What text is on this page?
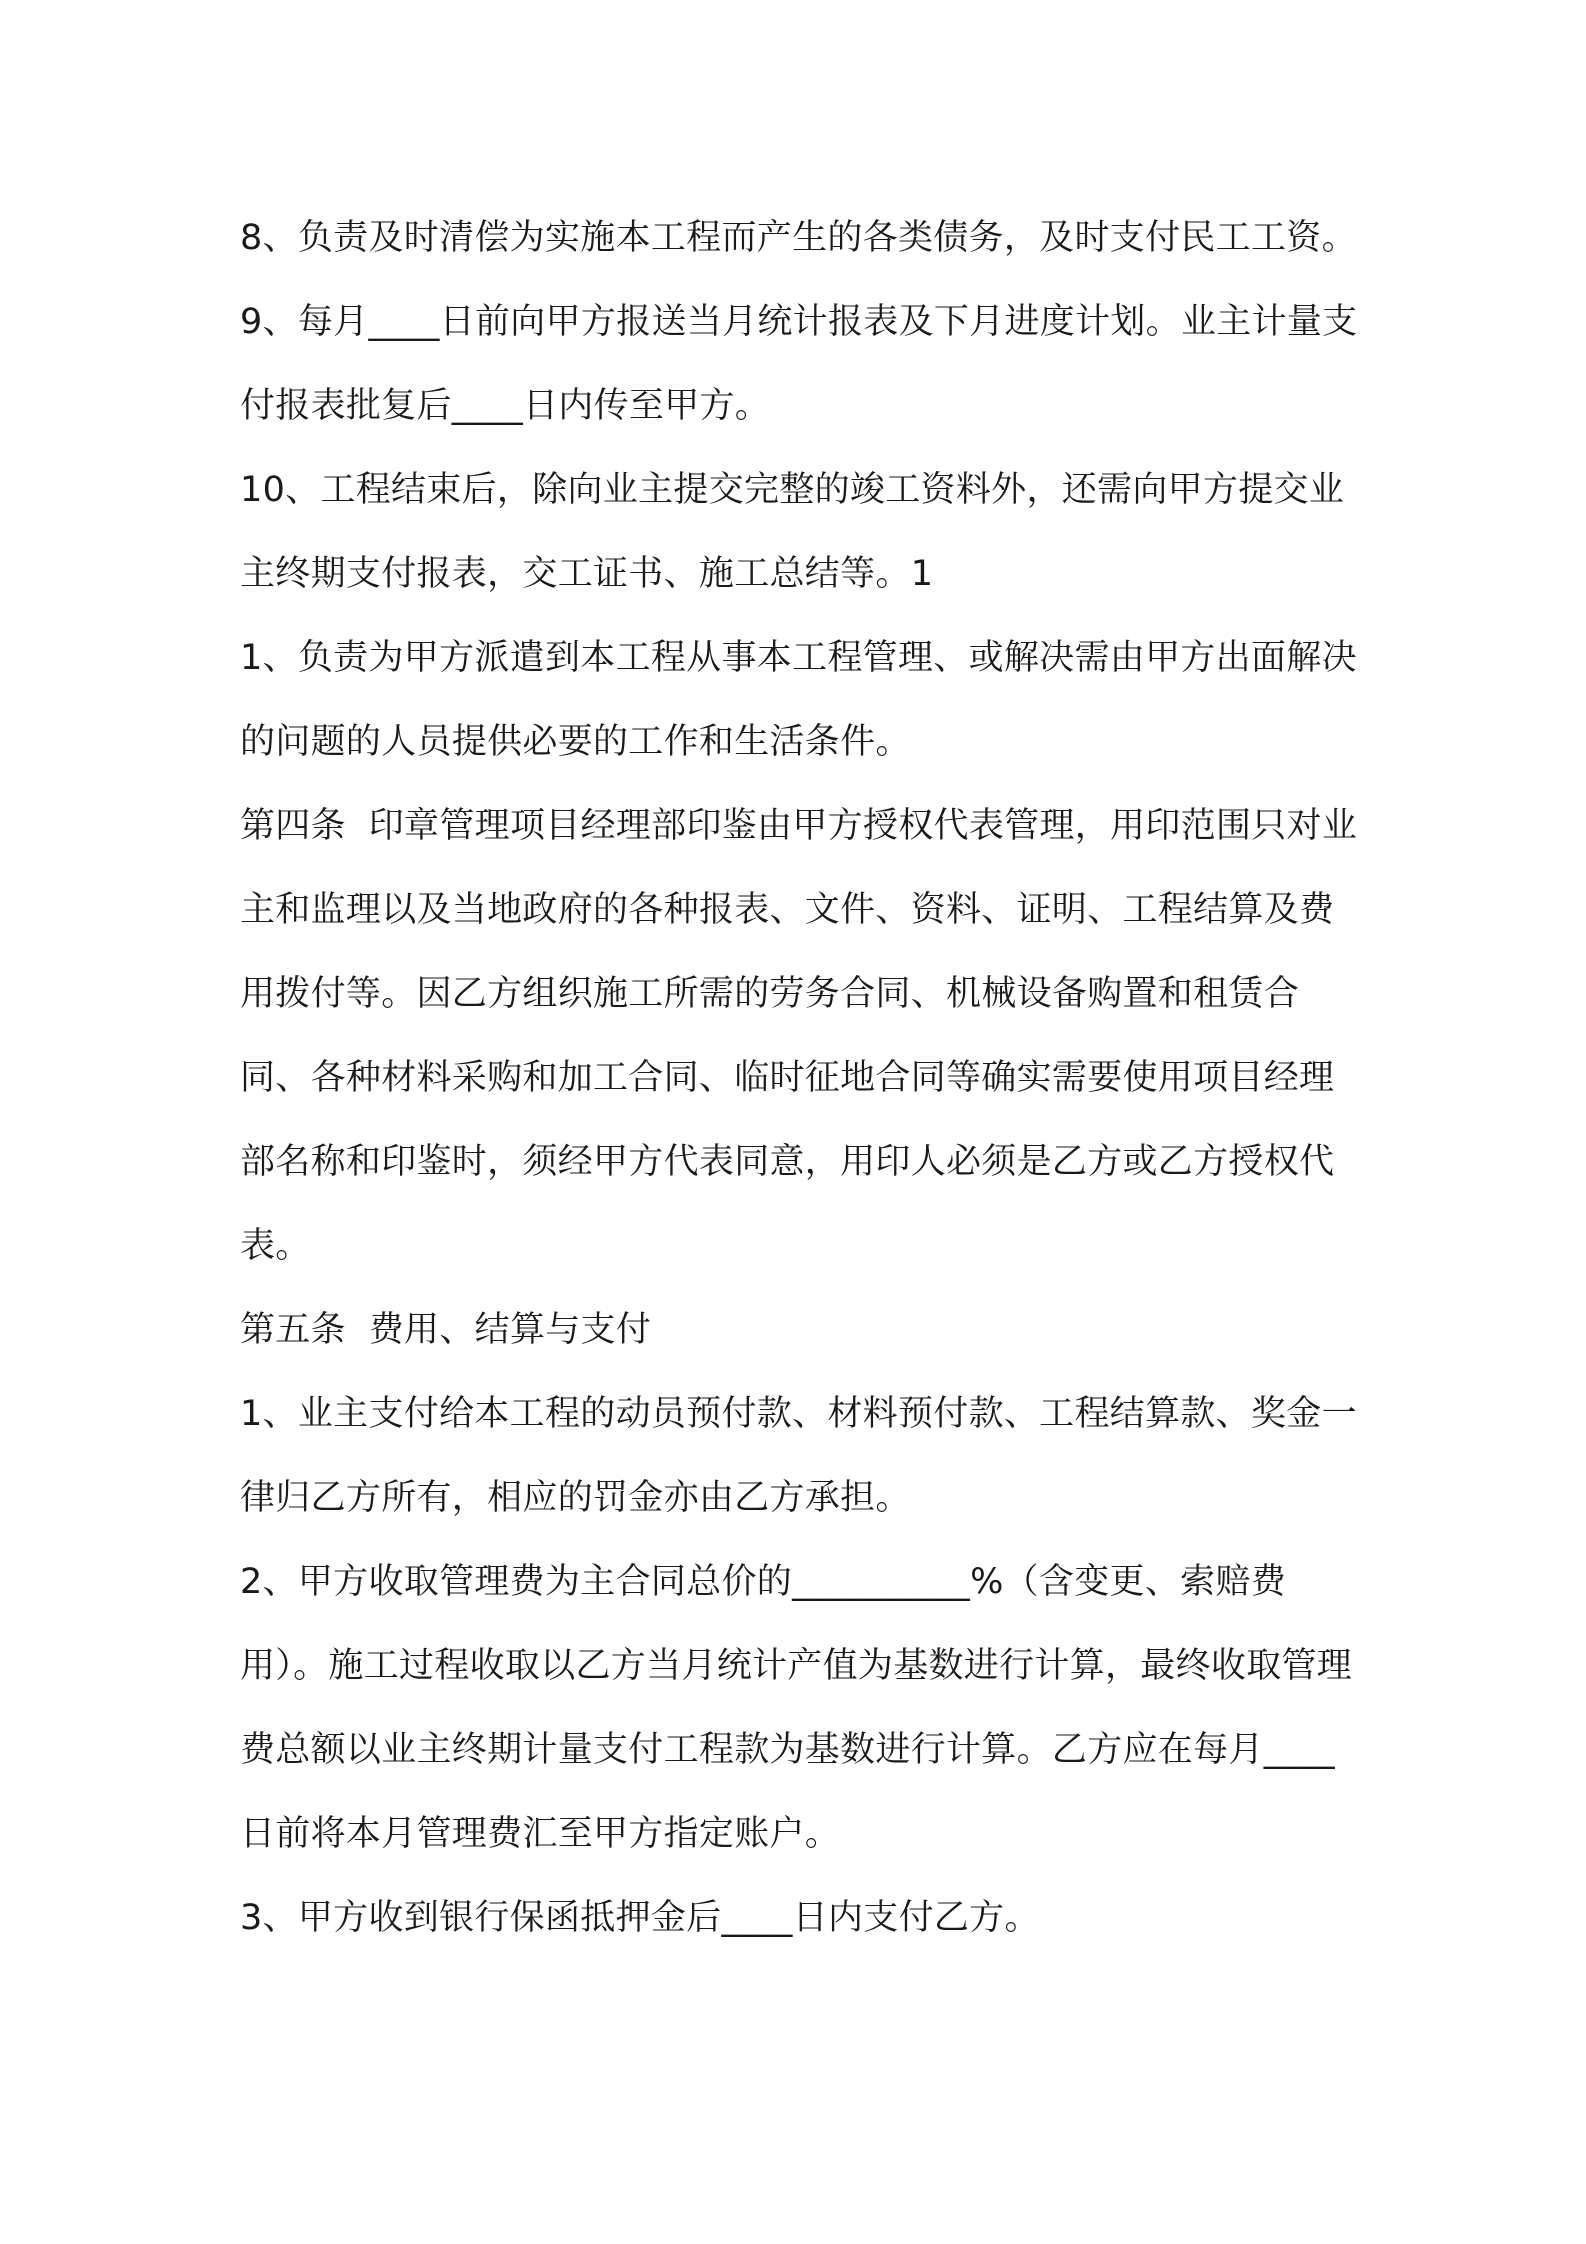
8、负责及时清偿为实施本工程而产生的各类债务，及时支付民工工资。

9、每月____日前向甲方报送当月统计报表及下月进度计划。业主计量支付报表批复后____日内传至甲方。

10、工程结束后，除向业主提交完整的竣工资料外，还需向甲方提交业主终期支付报表，交工证书、施工总结等。1

1、负责为甲方派遣到本工程从事本工程管理、或解决需由甲方出面解决的问题的人员提供必要的工作和生活条件。

第四条  印章管理项目经理部印鉴由甲方授权代表管理，用印范围只对业主和监理以及当地政府的各种报表、文件、资料、证明、工程结算及费用拨付等。因乙方组织施工所需的劳务合同、机械设备购置和租赁合同、各种材料采购和加工合同、临时征地合同等确实需要使用项目经理部名称和印鉴时，须经甲方代表同意，用印人必须是乙方或乙方授权代表。

第五条  费用、结算与支付

1、业主支付给本工程的动员预付款、材料预付款、工程结算款、奖金一律归乙方所有，相应的罚金亦由乙方承担。

2、甲方收取管理费为主合同总价的__________%（含变更、索赔费用）。施工过程收取以乙方当月统计产值为基数进行计算，最终收取管理费总额以业主终期计量支付工程款为基数进行计算。乙方应在每月____日前将本月管理费汇至甲方指定账户。

3、甲方收到银行保函抵押金后____日内支付乙方。
